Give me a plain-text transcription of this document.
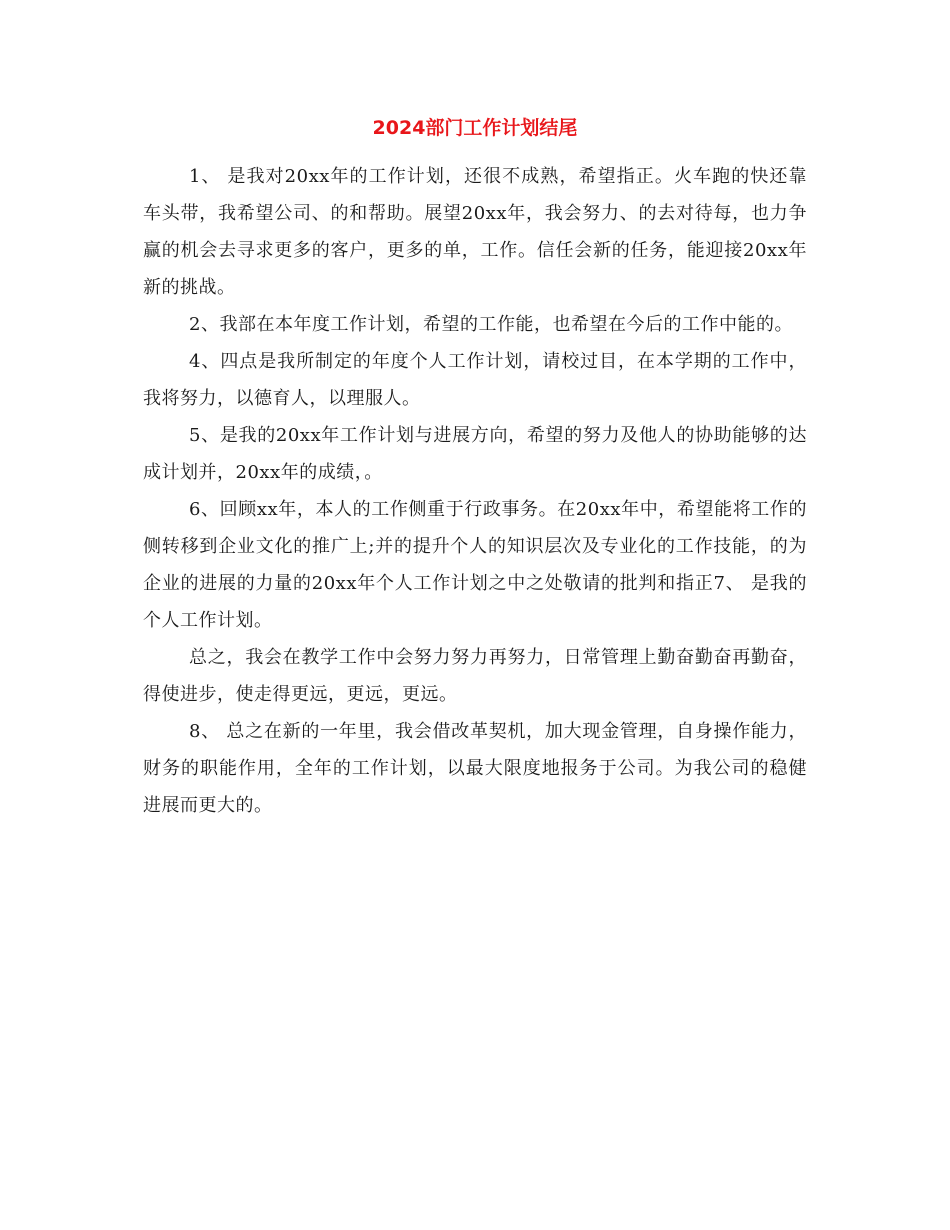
2024部门工作计划结尾

1、 是我对20xx年的工作计划，还很不成熟，希望指正。火车跑的快还靠车头带，我希望公司、的和帮助。展望20xx年，我会努力、的去对待每，也力争赢的机会去寻求更多的客户，更多的单，工作。信任会新的任务，能迎接20xx年新的挑战。

2、我部在本年度工作计划，希望的工作能，也希望在今后的工作中能的。

4、四点是我所制定的年度个人工作计划，请校过目，在本学期的工作中，我将努力，以德育人，以理服人。

5、是我的20xx年工作计划与进展方向，希望的努力及他人的协助能够的达成计划并，20xx年的成绩，。

6、回顾xx年，本人的工作侧重于行政事务。在20xx年中，希望能将工作的侧转移到企业文化的推广上;并的提升个人的知识层次及专业化的工作技能，的为企业的进展的力量的20xx年个人工作计划之中之处敬请的批判和指正7、 是我的个人工作计划。

总之，我会在教学工作中会努力努力再努力，日常管理上勤奋勤奋再勤奋，得使进步，使走得更远，更远，更远。

8、 总之在新的一年里，我会借改革契机，加大现金管理，自身操作能力，财务的职能作用，全年的工作计划，以最大限度地报务于公司。为我公司的稳健进展而更大的。
